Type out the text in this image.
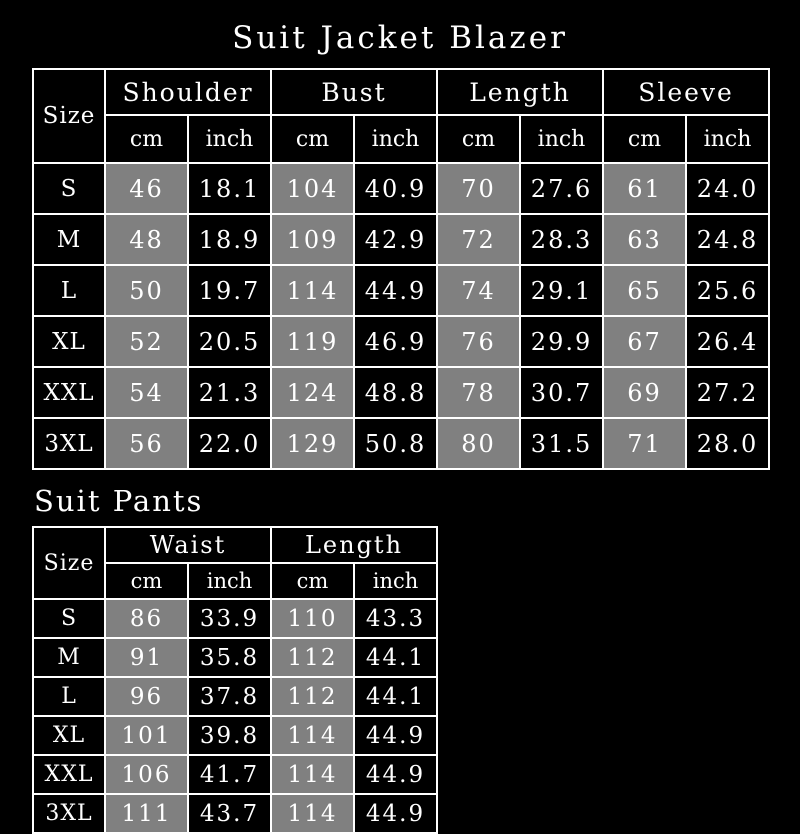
Suit Jacket Blazer
Size	Shoulder		Bust		Length		Sleeve	
	cm	inch	cm	inch	cm	inch	cm	inch
S	46	18.1	104	40.9	70	27.6	61	24.0
M	48	18.9	109	42.9	72	28.3	63	24.8
L	50	19.7	114	44.9	74	29.1	65	25.6
XL	52	20.5	119	46.9	76	29.9	67	26.4
XXL	54	21.3	124	48.8	78	30.7	69	27.2
3XL	56	22.0	129	50.8	80	31.5	71	28.0
Suit Pants
Size	Waist		Length	
	cm	inch	cm	inch
S	86	33.9	110	43.3
M	91	35.8	112	44.1
L	96	37.8	112	44.1
XL	101	39.8	114	44.9
XXL	106	41.7	114	44.9
3XL	111	43.7	114	44.9
